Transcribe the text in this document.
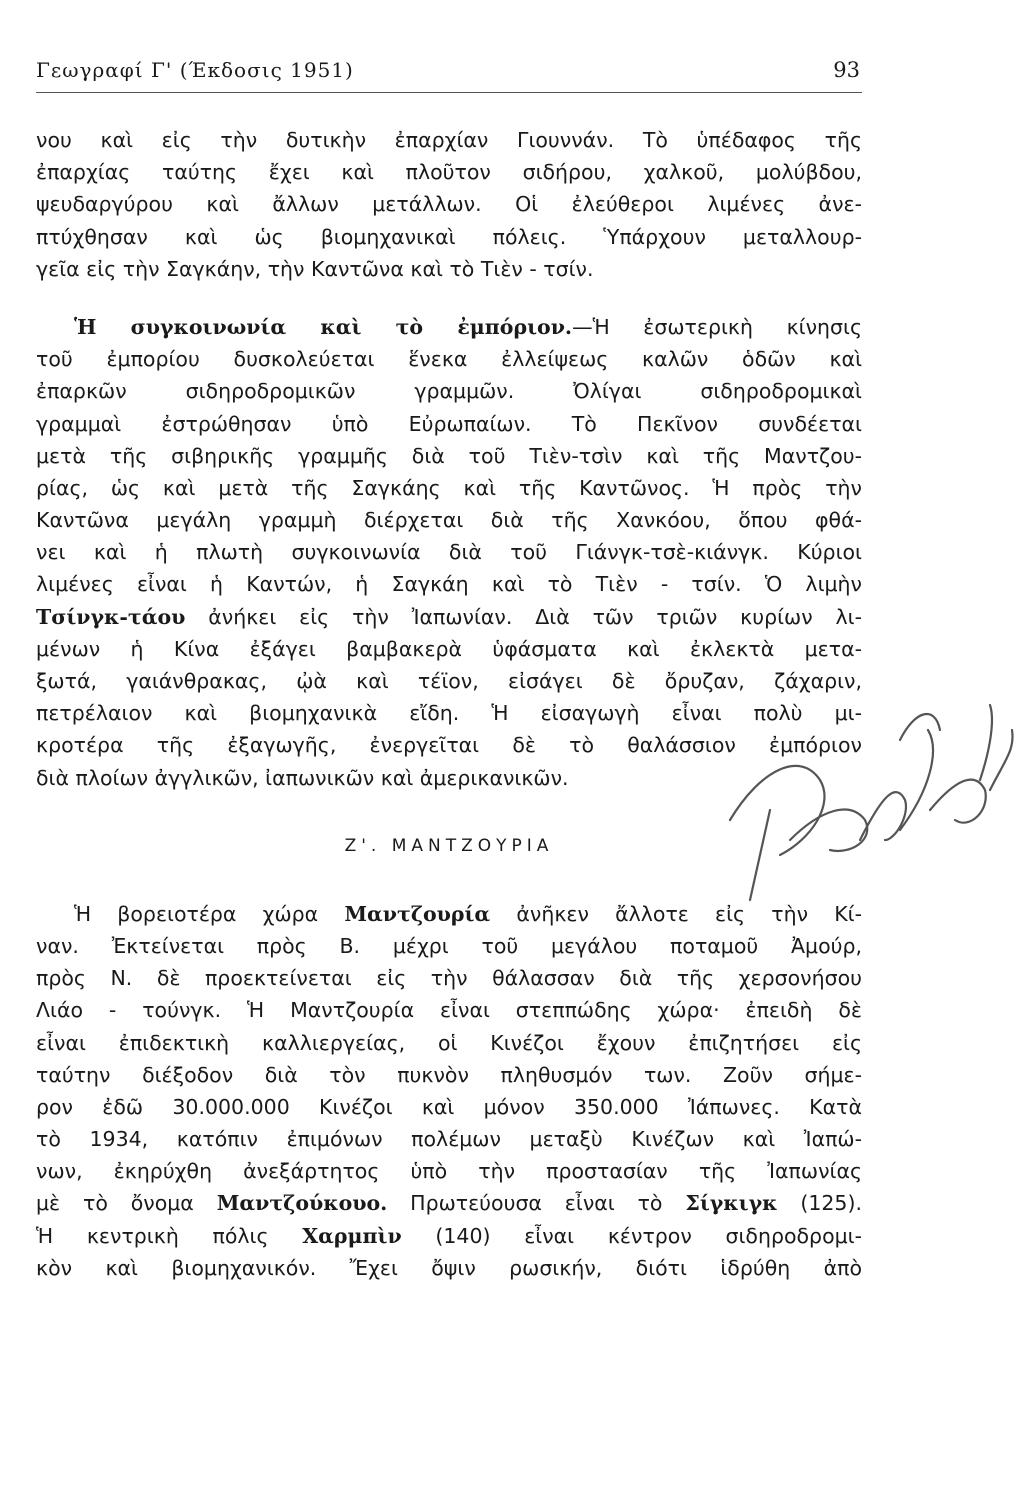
Γεωγραφί Γ' (Έκδοσις 1951)	93
νου καὶ εἰς τὴν δυτικὴν ἐπαρχίαν Γιουννάν. Τὸ ὑπέδαφος τῆς
ἐπαρχίας ταύτης ἔχει καὶ πλοῦτον σιδήρου, χαλκοῦ, μολύβδου,
ψευδαργύρου καὶ ἄλλων μετάλλων. Οἱ ἐλεύθεροι λιμένες ἀνε-
πτύχθησαν καὶ ὡς βιομηχανικαὶ πόλεις. Ὑπάρχουν μεταλλουρ-
γεῖα εἰς τὴν Σαγκάην, τὴν Καντῶνα καὶ τὸ Τιὲν - τσίν.
Ἡ συγκοινωνία καὶ τὸ ἐμπόριον.—Ἡ ἐσωτερικὴ κίνησις
τοῦ ἐμπορίου δυσκολεύεται ἕνεκα ἐλλείψεως καλῶν ὁδῶν καὶ
ἐπαρκῶν σιδηροδρομικῶν γραμμῶν. Ὀλίγαι σιδηροδρομικαὶ
γραμμαὶ ἐστρώθησαν ὑπὸ Εὐρωπαίων. Τὸ Πεκῖνον συνδέεται
μετὰ τῆς σιβηρικῆς γραμμῆς διὰ τοῦ Τιὲν-τσὶν καὶ τῆς Μαντζου-
ρίας, ὡς καὶ μετὰ τῆς Σαγκάης καὶ τῆς Καντῶνος. Ἡ πρὸς τὴν
Καντῶνα μεγάλη γραμμὴ διέρχεται διὰ τῆς Χανκόου, ὅπου φθά-
νει καὶ ἡ πλωτὴ συγκοινωνία διὰ τοῦ Γιάνγκ-τσὲ-κιάνγκ. Κύριοι
λιμένες εἶναι ἡ Καντών, ἡ Σαγκάη καὶ τὸ Τιὲν - τσίν. Ὁ λιμὴν
Τσίνγκ-τάου ἀνήκει εἰς τὴν Ἰαπωνίαν. Διὰ τῶν τριῶν κυρίων λι-
μένων ἡ Κίνα ἐξάγει βαμβακερὰ ὑφάσματα καὶ ἐκλεκτὰ μετα-
ξωτά, γαιάνθρακας, ᾠὰ καὶ τέϊον, εἰσάγει δὲ ὄρυζαν, ζάχαριν,
πετρέλαιον καὶ βιομηχανικὰ εἴδη. Ἡ εἰσαγωγὴ εἶναι πολὺ μι-
κροτέρα τῆς ἐξαγωγῆς, ἐνεργεῖται δὲ τὸ θαλάσσιον ἐμπόριον
διὰ πλοίων ἀγγλικῶν, ἰαπωνικῶν καὶ ἀμερικανικῶν.
Ζ'. ΜΑΝΤΖΟΥΡΙΑ
Ἡ βορειοτέρα χώρα Μαντζουρία ἀνῆκεν ἄλλοτε εἰς τὴν Κί-
ναν. Ἐκτείνεται πρὸς Β. μέχρι τοῦ μεγάλου ποταμοῦ Ἀμούρ,
πρὸς Ν. δὲ προεκτείνεται εἰς τὴν θάλασσαν διὰ τῆς χερσονήσου
Λιάο - τούνγκ. Ἡ Μαντζουρία εἶναι στεππώδης χώρα· ἐπειδὴ δὲ
εἶναι ἐπιδεκτικὴ καλλιεργείας, οἱ Κινέζοι ἔχουν ἐπιζητήσει εἰς
ταύτην διέξοδον διὰ τὸν πυκνὸν πληθυσμόν των. Ζοῦν σήμε-
ρον ἐδῶ 30.000.000 Κινέζοι καὶ μόνον 350.000 Ἰάπωνες. Κατὰ
τὸ 1934, κατόπιν ἐπιμόνων πολέμων μεταξὺ Κινέζων καὶ Ἰαπώ-
νων, ἐκηρύχθη ἀνεξάρτητος ὑπὸ τὴν προστασίαν τῆς Ἰαπωνίας
μὲ τὸ ὄνομα Μαντζούκουο. Πρωτεύουσα εἶναι τὸ Σίγκιγκ (125).
Ἡ κεντρικὴ πόλις Χαρμπὶν (140) εἶναι κέντρον σιδηροδρομι-
κὸν καὶ βιομηχανικόν. Ἔχει ὄψιν ρωσικήν, διότι ἱδρύθη ἀπὸ
